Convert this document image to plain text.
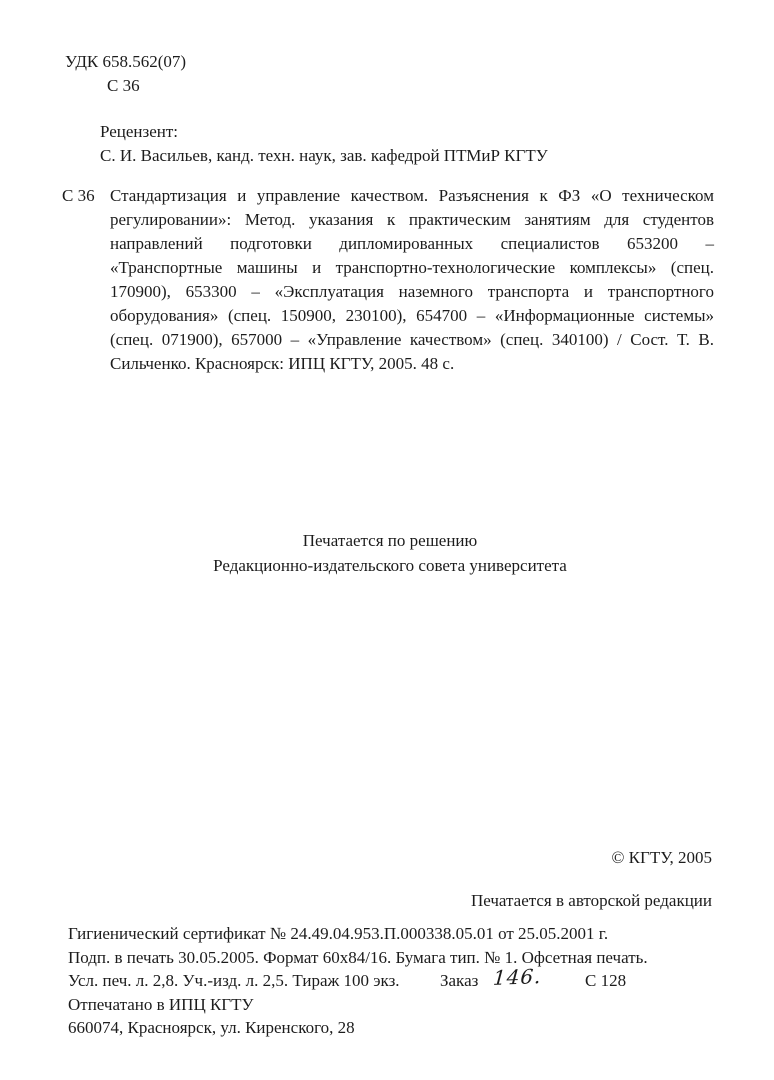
УДК 658.562(07)
С 36
Рецензент:
С. И. Васильев, канд. техн. наук, зав. кафедрой ПТМиР КГТУ
С 36 Стандартизация и управление качеством. Разъяснения к ФЗ «О техническом регулировании»: Метод. указания к практическим занятиям для студентов направлений подготовки дипломированных специалистов 653200 – «Транспортные машины и транспортно-технологические комплексы» (спец. 170900), 653300 – «Эксплуатация наземного транспорта и транспортного оборудования» (спец. 150900, 230100), 654700 – «Информационные системы» (спец. 071900), 657000 – «Управление качеством» (спец. 340100) / Сост. Т. В. Сильченко. Красноярск: ИПЦ КГТУ, 2005. 48 с.
Печатается по решению
Редакционно-издательского совета университета
© КГТУ, 2005
Печатается в авторской редакции
Гигиенический сертификат № 24.49.04.953.П.000338.05.01 от 25.05.2001 г.
Подп. в печать 30.05.2005. Формат 60х84/16. Бумага тип. № 1. Офсетная печать.
Усл. печ. л. 2,8. Уч.-изд. л. 2,5. Тираж 100 экз. Заказ 146.	С 128
Отпечатано в ИПЦ КГТУ
660074, Красноярск, ул. Киренского, 28
